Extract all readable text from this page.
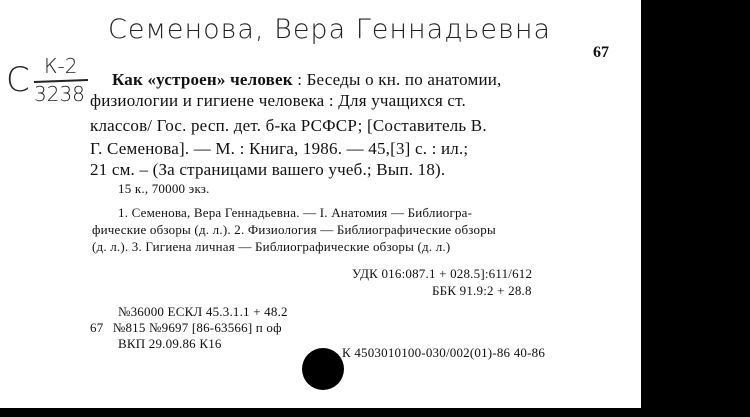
Семенова, Вера Геннадьевна
67
С К-2
3238
Как «устроен» человек : Беседы о кн. по анатомии,
физиологии и гигиене человека : Для учащихся ст.
классов/ Гос. респ. дет. б-ка РСФСР; [Составитель В.
Г. Семенова]. — М. : Книга, 1986. — 45,[3] с. : ил.;
21 см. – (За страницами вашего учеб.; Вып. 18).
15 к., 70000 экз.
1. Семенова, Вера Геннадьевна. — I. Анатомия — Библиогра-
фические обзоры (д. л.). 2. Физиология — Библиографические обзоры
(д. л.). 3. Гигиена личная — Библиографические обзоры (д. л.)
УДК 016:087.1 + 028.5]:611/612
ББК 91.9:2 + 28.8
№36000 ЕСКЛ 45.3.1.1 + 48.2
67 №815 №9697 [86-63566] п оф
ВКП 29.09.86 К16
К 4503010100-030/002(01)-86 40-86
